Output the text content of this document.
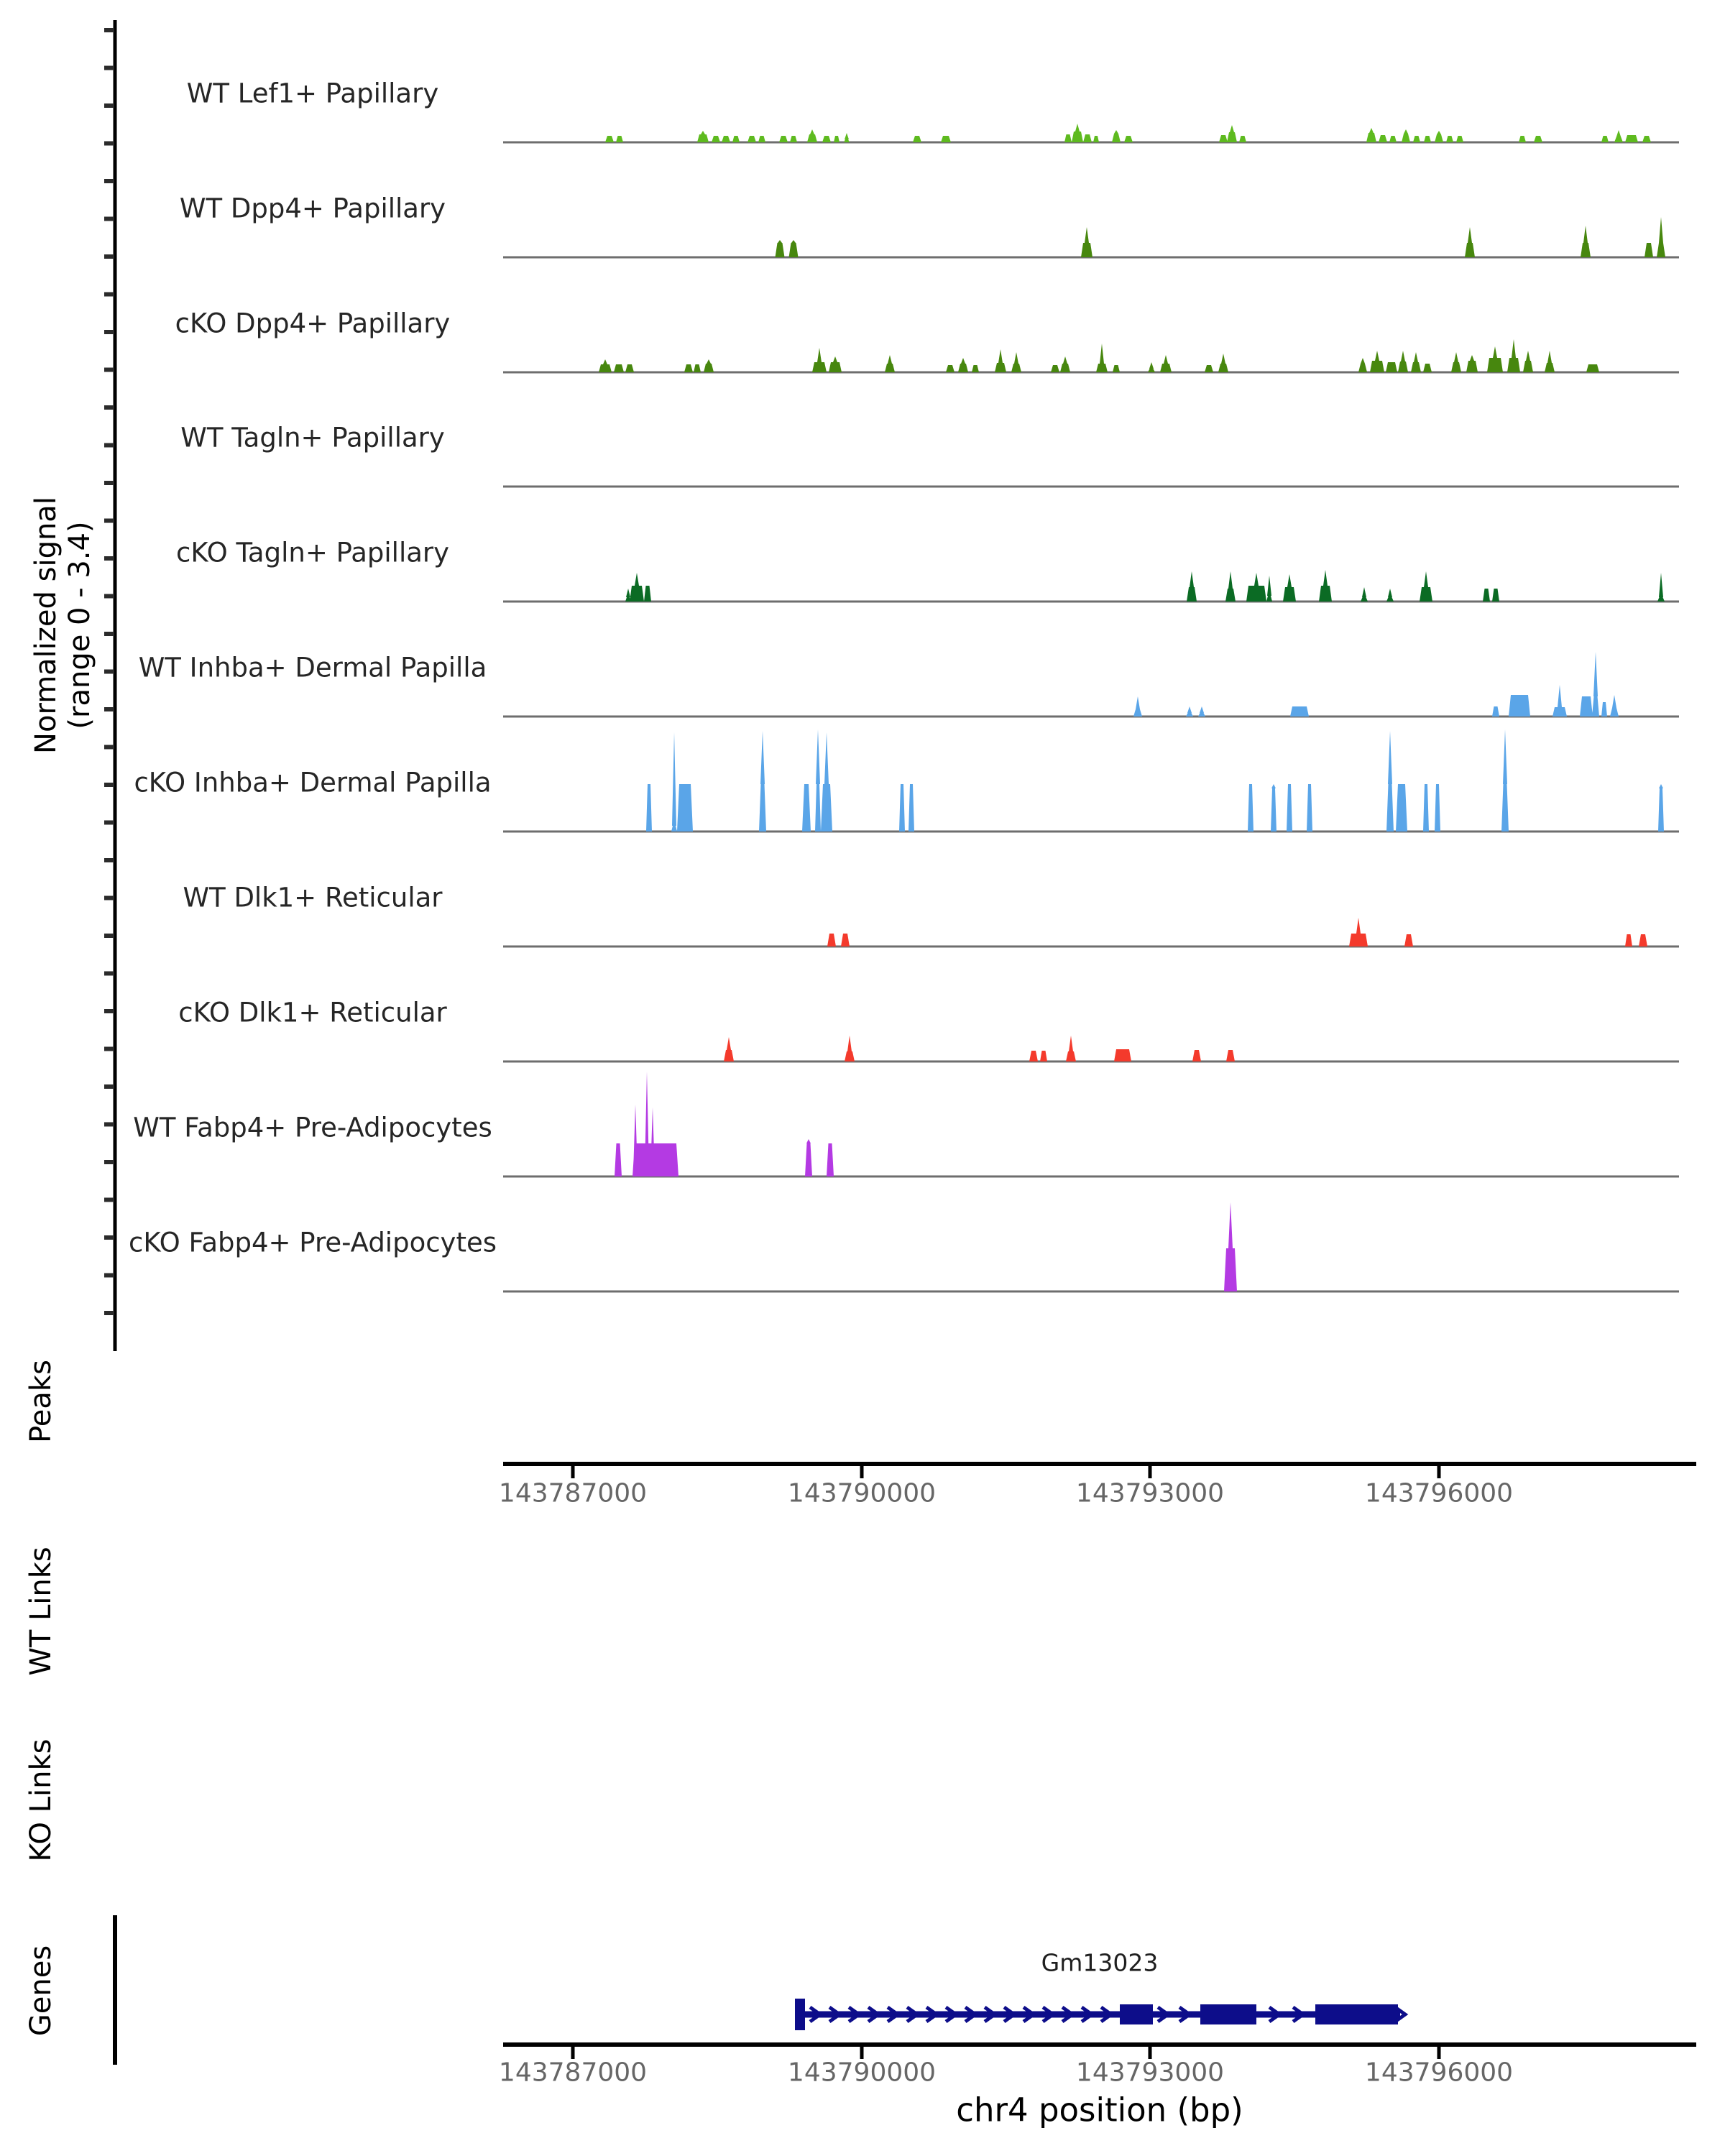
Normalized signal (range 0 - 3.4)
Gm13023
chr4 position (bp)
Peaks
WT Links
KO Links
Genes
WT Lef1+ Papillary
WT Dpp4+ Papillary
cKO Dpp4+ Papillary
WT Tagln+ Papillary
cKO Tagln+ Papillary
WT Inhba+ Dermal Papilla
cKO Inhba+ Dermal Papilla
WT Dlk1+ Reticular
cKO Dlk1+ Reticular
WT Fabp4+ Pre-Adipocytes
cKO Fabp4+ Pre-Adipocytes
143787000	143790000	143793000	143796000
143787000	143790000	143793000	143796000
